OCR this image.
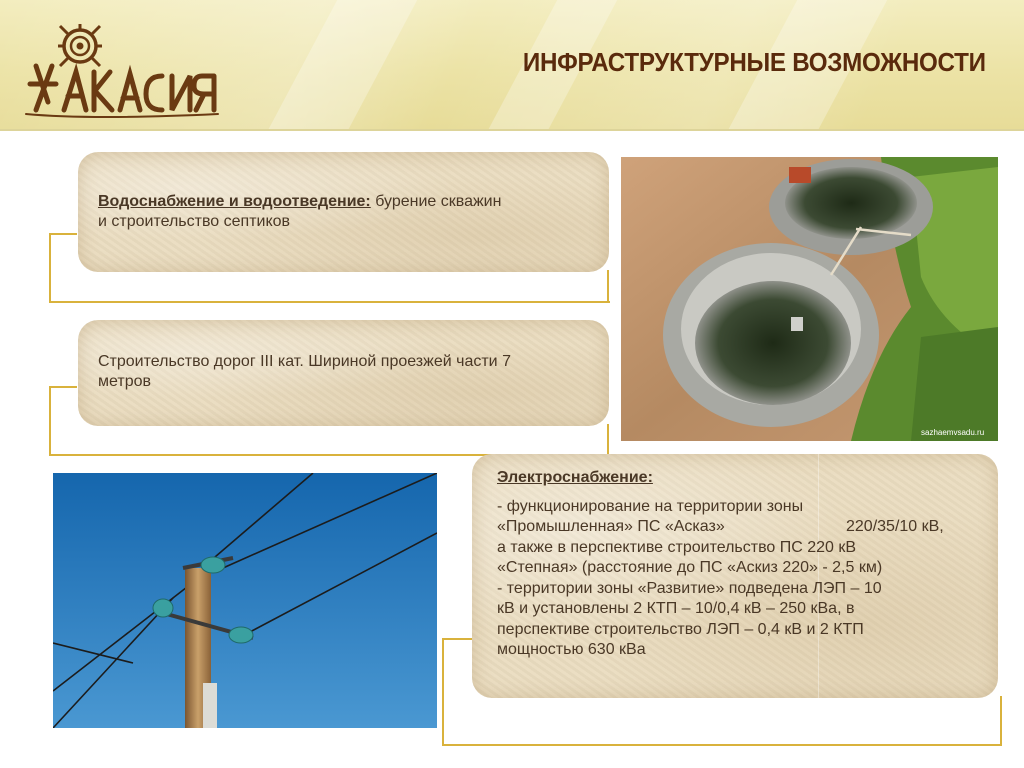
Хакасия
ИНФРАСТРУКТУРНЫЕ ВОЗМОЖНОСТИ
Водоснабжение и водоотведение: бурение скважин
и строительство септиков
Строительство дорог III кат. Шириной проезжей части 7
метров
sazhaemvsadu.ru
Электроснабжение:
- функционирование на территории зоны
«Промышленная» ПС «Асказ»	220/35/10 кВ,
а также в перспективе строительство ПС 220 кВ
«Степная» (расстояние до ПС «Аскиз 220» - 2,5 км)
- территории зоны «Развитие» подведена ЛЭП – 10
кВ и установлены 2 КТП – 10/0,4 кВ – 250 кВа, в
перспективе строительство ЛЭП – 0,4 кВ и 2 КТП
мощностью 630 кВа
